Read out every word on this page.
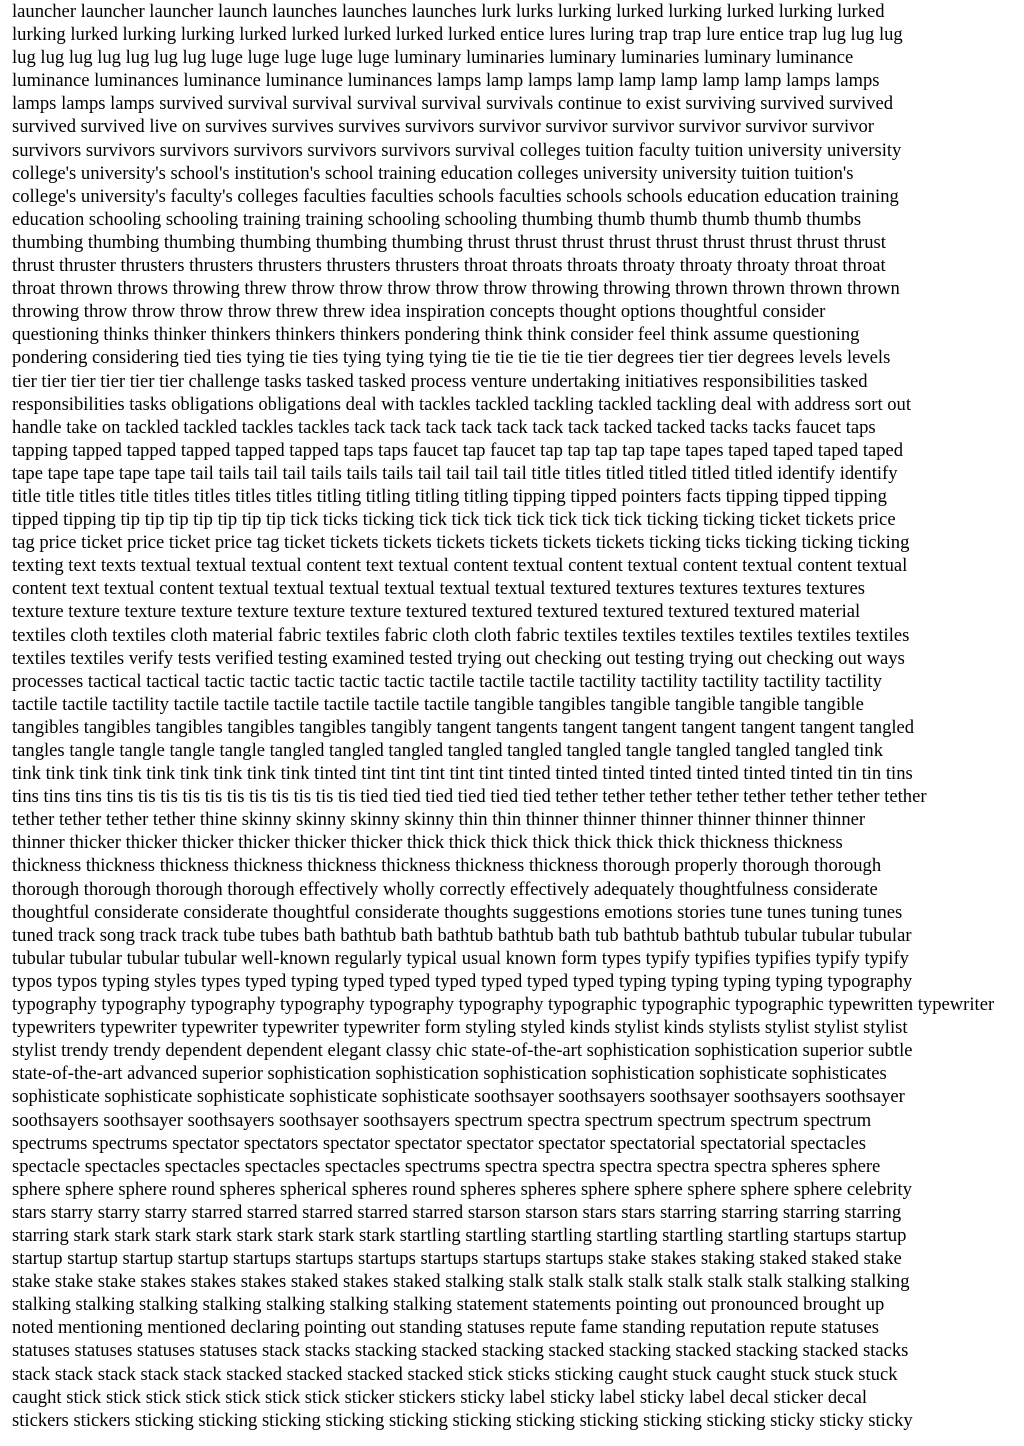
launcher launcher launcher launch launches launches launches lurk lurks lurking lurked lurking lurked lurking lurked
lurking lurked lurking lurking lurked lurked lurked lurked lurked entice lures luring trap trap lure entice trap lug lug lug
lug lug lug lug lug lug lug luge luge luge luge luge luminary luminaries luminary luminaries luminary luminance
luminance luminances luminance luminance luminances lamps lamp lamps lamp lamp lamp lamp lamp lamps lamps
lamps lamps lamps survived survival survival survival survival survivals continue to exist surviving survived survived
survived survived live on survives survives survives survivors survivor survivor survivor survivor survivor survivor
survivors survivors survivors survivors survivors survivors survival colleges tuition faculty tuition university university
college's university's school's institution's school training education colleges university university tuition tuition's
college's university's faculty's colleges faculties faculties schools faculties schools schools education education training
education schooling schooling training training schooling schooling thumbing thumb thumb thumb thumb thumbs
thumbing thumbing thumbing thumbing thumbing thumbing thrust thrust thrust thrust thrust thrust thrust thrust thrust
thrust thruster thrusters thrusters thrusters thrusters thrusters throat throats throats throaty throaty throaty throat throat
throat thrown throws throwing threw throw throw throw throw throw throwing throwing thrown thrown thrown thrown
throwing throw throw throw throw threw threw idea inspiration concepts thought options thoughtful consider
questioning thinks thinker thinkers thinkers thinkers pondering think think consider feel think assume questioning
pondering considering tied ties tying tie ties tying tying tying tie tie tie tie tie tier degrees tier tier degrees levels levels
tier tier tier tier tier tier challenge tasks tasked tasked process venture undertaking initiatives responsibilities tasked
responsibilities tasks obligations obligations deal with tackles tackled tackling tackled tackling deal with address sort out
handle take on tackled tackled tackles tackles tack tack tack tack tack tack tack tacked tacked tacks tacks faucet taps
tapping tapped tapped tapped tapped tapped taps taps faucet tap faucet tap tap tap tap tape tapes taped taped taped taped
tape tape tape tape tape tail tails tail tail tails tails tails tail tail tail tail title titles titled titled titled titled identify identify
title title titles title titles titles titles titles titling titling titling titling tipping tipped pointers facts tipping tipped tipping
tipped tipping tip tip tip tip tip tip tip tick ticks ticking tick tick tick tick tick tick tick ticking ticking ticket tickets price
tag price ticket price ticket price tag ticket tickets tickets tickets tickets tickets tickets ticking ticks ticking ticking ticking
texting text texts textual textual textual content text textual content textual content textual content textual content textual
content text textual content textual textual textual textual textual textual textured textures textures textures textures
texture texture texture texture texture texture texture textured textured textured textured textured textured material
textiles cloth textiles cloth material fabric textiles fabric cloth cloth fabric textiles textiles textiles textiles textiles textiles
textiles textiles verify tests verified testing examined tested trying out checking out testing trying out checking out ways
processes tactical tactical tactic tactic tactic tactic tactic tactile tactile tactile tactility tactility tactility tactility tactility
tactile tactile tactility tactile tactile tactile tactile tactile tactile tangible tangibles tangible tangible tangible tangible
tangibles tangibles tangibles tangibles tangibles tangibly tangent tangents tangent tangent tangent tangent tangent tangled
tangles tangle tangle tangle tangle tangled tangled tangled tangled tangled tangled tangle tangled tangled tangled tink
tink tink tink tink tink tink tink tink tink tinted tint tint tint tint tint tinted tinted tinted tinted tinted tinted tinted tin tin tins
tins tins tins tins tis tis tis tis tis tis tis tis tis tis tied tied tied tied tied tied tether tether tether tether tether tether tether tether
tether tether tether tether thine skinny skinny skinny skinny thin thin thinner thinner thinner thinner thinner thinner
thinner thicker thicker thicker thicker thicker thicker thick thick thick thick thick thick thick thickness thickness
thickness thickness thickness thickness thickness thickness thickness thickness thorough properly thorough thorough
thorough thorough thorough thorough effectively wholly correctly effectively adequately thoughtfulness considerate
thoughtful considerate considerate thoughtful considerate thoughts suggestions emotions stories tune tunes tuning tunes
tuned track song track track tube tubes bath bathtub bath bathtub bathtub bath tub bathtub bathtub tubular tubular tubular
tubular tubular tubular tubular well-known regularly typical usual known form types typify typifies typifies typify typify
typos typos typing styles types typed typing typed typed typed typed typed typed typing typing typing typing typography
typography typography typography typography typography typography typographic typographic typographic typewritten typewriter
typewriters typewriter typewriter typewriter typewriter form styling styled kinds stylist kinds stylists stylist stylist stylist
stylist trendy trendy dependent dependent elegant classy chic state-of-the-art sophistication sophistication superior subtle
state-of-the-art advanced superior sophistication sophistication sophistication sophistication sophisticate sophisticates
sophisticate sophisticate sophisticate sophisticate sophisticate soothsayer soothsayers soothsayer soothsayers soothsayer
soothsayers soothsayer soothsayers soothsayer soothsayers spectrum spectra spectrum spectrum spectrum spectrum
spectrums spectrums spectator spectators spectator spectator spectator spectator spectatorial spectatorial spectacles
spectacle spectacles spectacles spectacles spectacles spectrums spectra spectra spectra spectra spectra spheres sphere
sphere sphere sphere round spheres spherical spheres round spheres spheres sphere sphere sphere sphere sphere celebrity
stars starry starry starry starred starred starred starred starred starson starson stars stars starring starring starring starring
starring stark stark stark stark stark stark stark stark startling startling startling startling startling startling startups startup
startup startup startup startup startups startups startups startups startups startups stake stakes staking staked staked stake
stake stake stake stakes stakes stakes staked stakes staked stalking stalk stalk stalk stalk stalk stalk stalk stalking stalking
stalking stalking stalking stalking stalking stalking stalking statement statements pointing out pronounced brought up
noted mentioning mentioned declaring pointing out standing statuses repute fame standing reputation repute statuses
statuses statuses statuses statuses stack stacks stacking stacked stacking stacked stacking stacked stacking stacked stacks
stack stack stack stack stack stacked stacked stacked stacked stick sticks sticking caught stuck caught stuck stuck stuck
caught stick stick stick stick stick stick stick sticker stickers sticky label sticky label sticky label decal sticker decal
stickers stickers sticking sticking sticking sticking sticking sticking sticking sticking sticking sticking sticky sticky sticky
